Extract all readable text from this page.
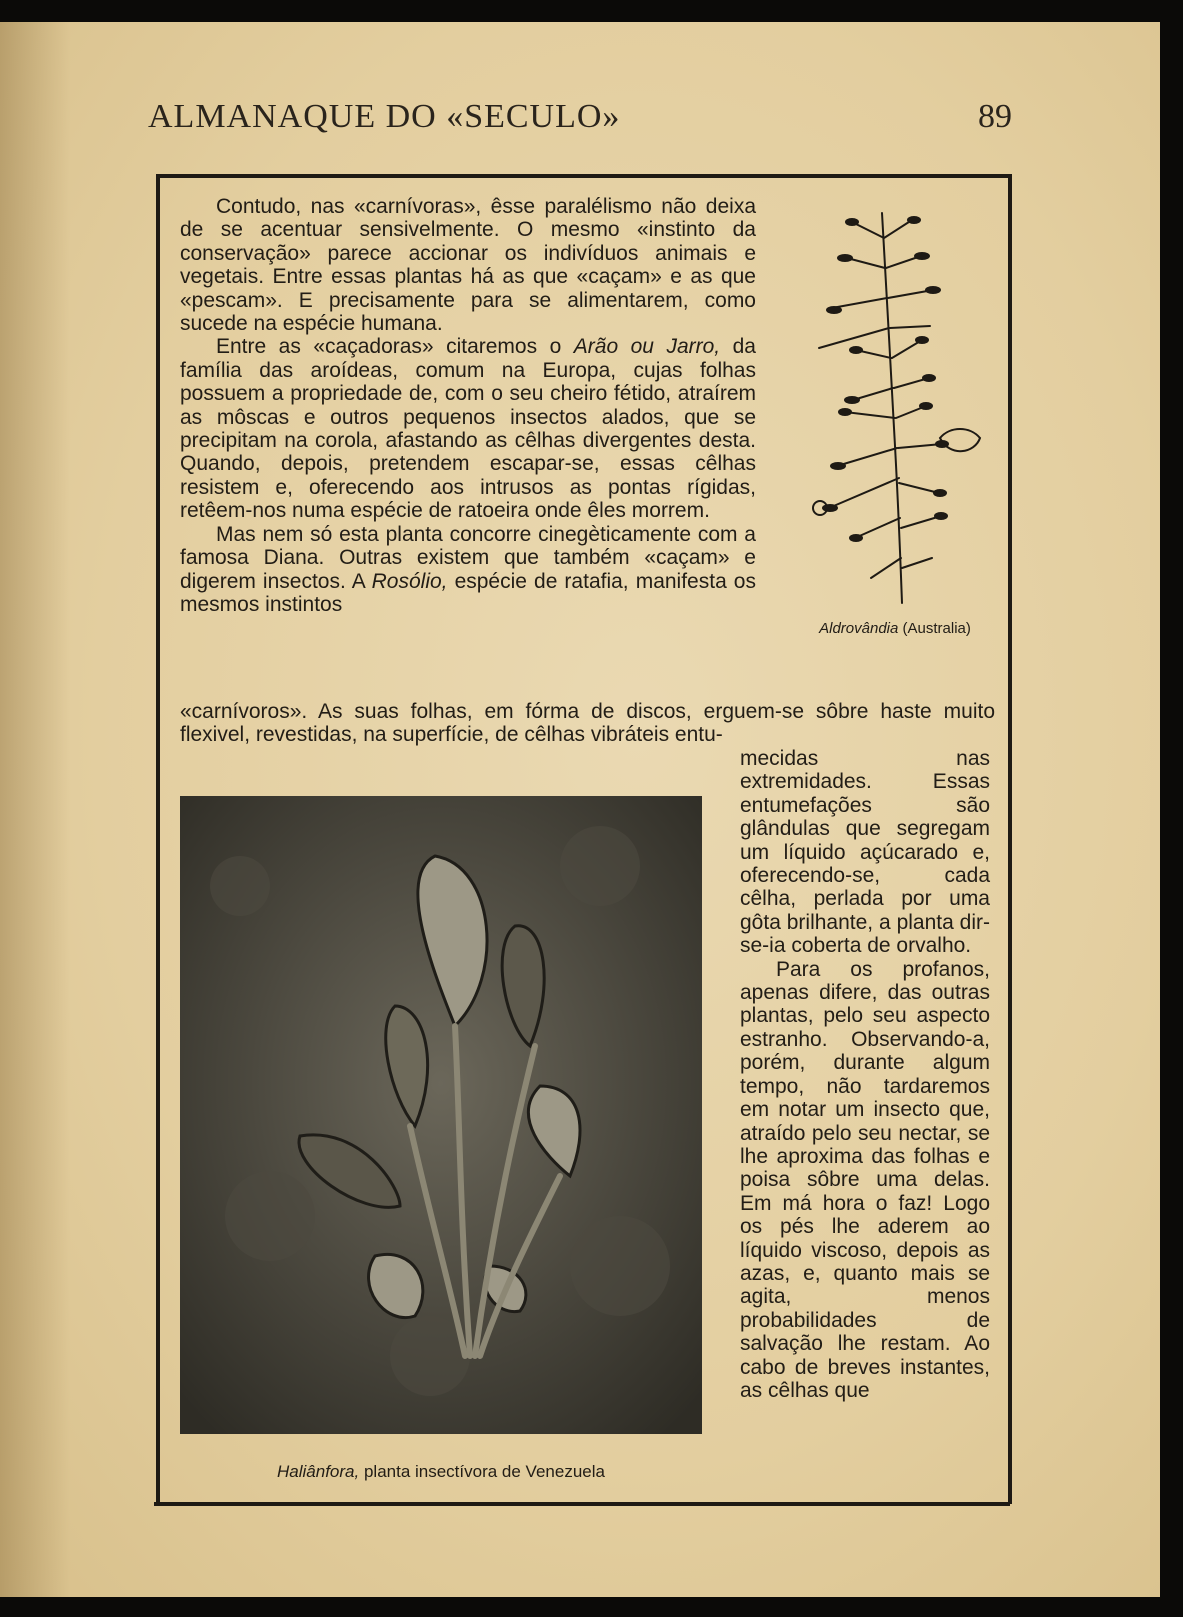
ALMANAQUE DO «SECULO»	89

Contudo, nas «carnívoras», êsse paralélismo não deixa de se acentuar sensivelmente. O mesmo «instinto da conservação» parece accionar os indivíduos animais e vegetais. Entre essas plantas há as que «caçam» e as que «pescam». E precisamente para se alimentarem, como sucede na espécie humana.

Entre as «caçadoras» citaremos o Arão ou Jarro, da família das aroídeas, comum na Europa, cujas folhas possuem a propriedade de, com o seu cheiro fétido, atraírem as môscas e outros pequenos insectos alados, que se precipitam na corola, afastando as cêlhas divergentes desta. Quando, depois, pretendem escapar-se, essas cêlhas resistem e, oferecendo aos intrusos as pontas rígidas, retêem-nos numa espécie de ratoeira onde êles morrem.

Mas nem só esta planta concorre cinegèticamente com a famosa Diana. Outras existem que também «caçam» e digerem insectos. A Rosólio, espécie de ratafia, manifesta os mesmos instintos

Aldrovândia (Australia)

«carnívoros». As suas folhas, em fórma de discos, erguem-se sôbre haste muito flexivel, revestidas, na superfície, de cêlhas vibráteis entu-

Haliânfora, planta insectívora de Venezuela

mecidas nas extremidades. Essas entumefações são glândulas que segregam um líquido açúcarado e, oferecendo-se, cada cêlha, perlada por uma gôta brilhante, a planta dir-se-ia coberta de orvalho.

Para os profanos, apenas difere, das outras plantas, pelo seu aspecto estranho. Observando-a, porém, durante algum tempo, não tardaremos em notar um insecto que, atraído pelo seu nectar, se lhe aproxima das folhas e poisa sôbre uma delas. Em má hora o faz! Logo os pés lhe aderem ao líquido viscoso, depois as azas, e, quanto mais se agita, menos probabilidades de salvação lhe restam. Ao cabo de breves instantes, as cêlhas que
